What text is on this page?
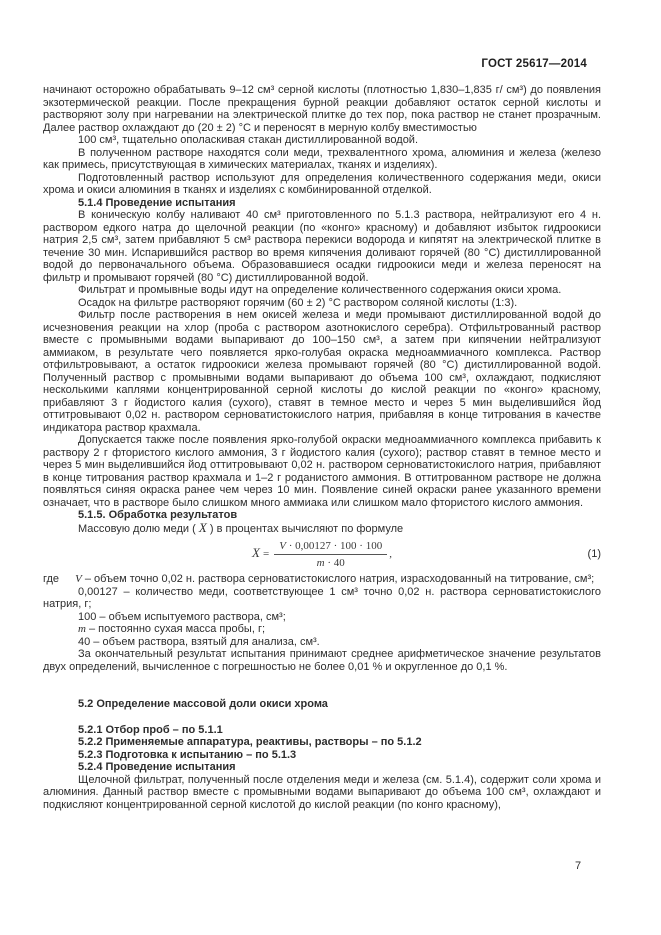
ГОСТ 25617—2014

начинают осторожно обрабатывать 9–12 см³ серной кислоты (плотностью 1,830–1,835 г/ см³) до появления экзотермической реакции. После прекращения бурной реакции добавляют остаток серной кислоты и растворяют золу при нагревании на электрической плитке до тех пор, пока раствор не станет прозрачным. Далее раствор охлаждают до (20 ± 2) °С и переносят в мерную колбу вместимостью

100 см³, тщательно ополаскивая стакан дистиллированной водой.

В полученном растворе находятся соли меди, трехвалентного хрома, алюминия и железа (железо как примесь, присутствующая в химических материалах, тканях и изделиях).

Подготовленный раствор используют для определения количественного содержания меди, окиси хрома и окиси алюминия в тканях и изделиях с комбинированной отделкой.

5.1.4 Проведение испытания

В коническую колбу наливают 40 см³ приготовленного по 5.1.3 раствора, нейтрализуют его 4 н. раствором едкого натра до щелочной реакции (по «конго» красному) и добавляют избыток гидроокиси натрия 2,5 см³, затем прибавляют 5 см³ раствора перекиси водорода и кипятят на электрической плитке в течение 30 мин. Испарившийся раствор во время кипячения доливают горячей (80 °С) дистиллированной водой до первоначального объема. Образовавшиеся осадки гидроокиси меди и железа переносят на фильтр и промывают горячей (80 °С) дистиллированной водой.

Фильтрат и промывные воды идут на определение количественного содержания окиси хрома.

Осадок на фильтре растворяют горячим (60 ± 2) °С раствором соляной кислоты (1:3).

Фильтр после растворения в нем окисей железа и меди промывают дистиллированной водой до исчезновения реакции на хлор (проба с раствором азотнокислого серебра). Отфильтрованный раствор вместе с промывными водами выпаривают до 100–150 см³, а затем при кипячении нейтрализуют аммиаком, в результате чего появляется ярко-голубая окраска медноаммиачного комплекса. Раствор отфильтровывают, а остаток гидроокиси железа промывают горячей (80 °С) дистиллированной водой. Полученный раствор с промывными водами выпаривают до объема 100 см³, охлаждают, подкисляют несколькими каплями концентрированной серной кислоты до кислой реакции по «конго» красному, прибавляют 3 г йодистого калия (сухого), ставят в темное место и через 5 мин выделившийся йод оттитровывают 0,02 н. раствором серноватистокислого натрия, прибавляя в конце титрования в качестве индикатора раствор крахмала.

Допускается также после появления ярко-голубой окраски медноаммиачного комплекса прибавить к раствору 2 г фтористого кислого аммония, 3 г йодистого калия (сухого); раствор ставят в темное место и через 5 мин выделившийся йод оттитровывают 0,02 н. раствором серноватистокислого натрия, прибавляют в конце титрования раствор крахмала и 1–2 г роданистого аммония. В оттитрованном растворе не должна появляться синяя окраска ранее чем через 10 мин. Появление синей окраски ранее указанного времени означает, что в растворе было слишком много аммиака или слишком мало фтористого кислого аммония.

5.1.5. Обработка результатов

Массовую долю меди ( X ) в процентах вычисляют по формуле

$X = \frac{V \cdot 0,00127 \cdot 100 \cdot 100}{m \cdot 40}$ ,	(1)

где V – объем точно 0,02 н. раствора серноватистокислого натрия, израсходованный на титрование, см³;

0,00127 – количество меди, соответствующее 1 см³ точно 0,02 н. раствора серноватистокислого натрия, г;

100 – объем испытуемого раствора, см³;

m – постоянно сухая масса пробы, г;

40 – объем раствора, взятый для анализа, см³.

За окончательный результат испытания принимают среднее арифметическое значение результатов двух определений, вычисленное с погрешностью не более 0,01 % и округленное до 0,1 %.

5.2 Определение массовой доли окиси хрома
5.2.1 Отбор проб – по 5.1.1
5.2.2 Применяемые аппаратура, реактивы, растворы – по 5.1.2
5.2.3 Подготовка к испытанию – по 5.1.3
5.2.4 Проведение испытания

Щелочной фильтрат, полученный после отделения меди и железа (см. 5.1.4), содержит соли хрома и алюминия. Данный раствор вместе с промывными водами выпаривают до объема 100 см³, охлаждают и подкисляют концентрированной серной кислотой до кислой реакции (по конго красному),

7
